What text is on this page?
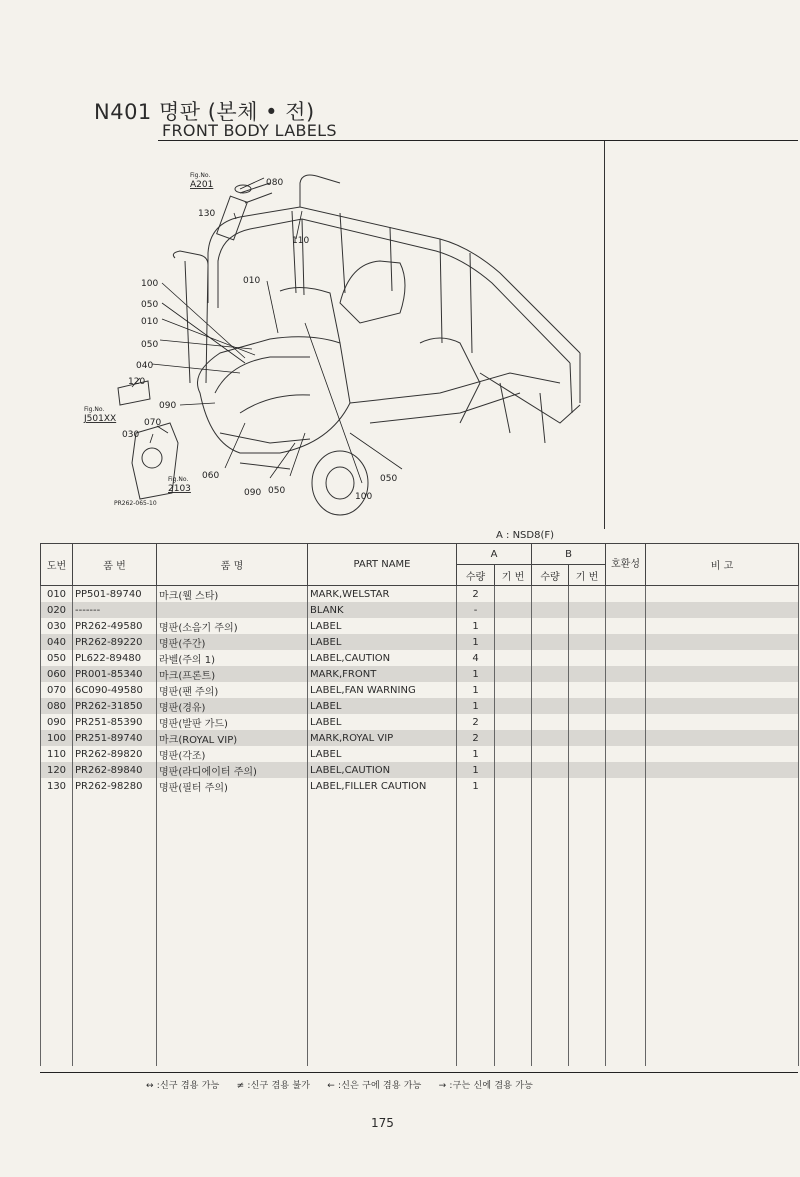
N401 명판 (본체 • 전)
FRONT BODY LABELS
080
130
110
010
100
050
010
050
040
120
090
070
030
060
090 050
100
050
Fig.No.
A201
Fig.No.
J501XX
Fig.No.
2103
PR262-065-10
A : NSD8(F)
도번	품 번	품 명	PART NAME	A		B		호환성	비 고
				수량	기 번	수량	기 번		
010	PP501-89740	마크(웰 스타)	MARK,WELSTAR	2					
020	-------		BLANK	-					
030	PR262-49580	명판(소음기 주의)	LABEL	1					
040	PR262-89220	명판(주간)	LABEL	1					
050	PL622-89480	라벨(주의 1)	LABEL,CAUTION	4					
060	PR001-85340	마크(프론트)	MARK,FRONT	1					
070	6C090-49580	명판(팬 주의)	LABEL,FAN WARNING	1					
080	PR262-31850	명판(경유)	LABEL	1					
090	PR251-85390	명판(발판 가드)	LABEL	2					
100	PR251-89740	마크(ROYAL VIP)	MARK,ROYAL VIP	2					
110	PR262-89820	명판(각조)	LABEL	1					
120	PR262-89840	명판(라디에이터 주의)	LABEL,CAUTION	1					
130	PR262-98280	명판(필터 주의)	LABEL,FILLER CAUTION	1					

↔ :신구 겸용 가능 ≠ :신구 겸용 불가 ← :신은 구에 겸용 가능 → :구는 신에 겸용 가능
175
